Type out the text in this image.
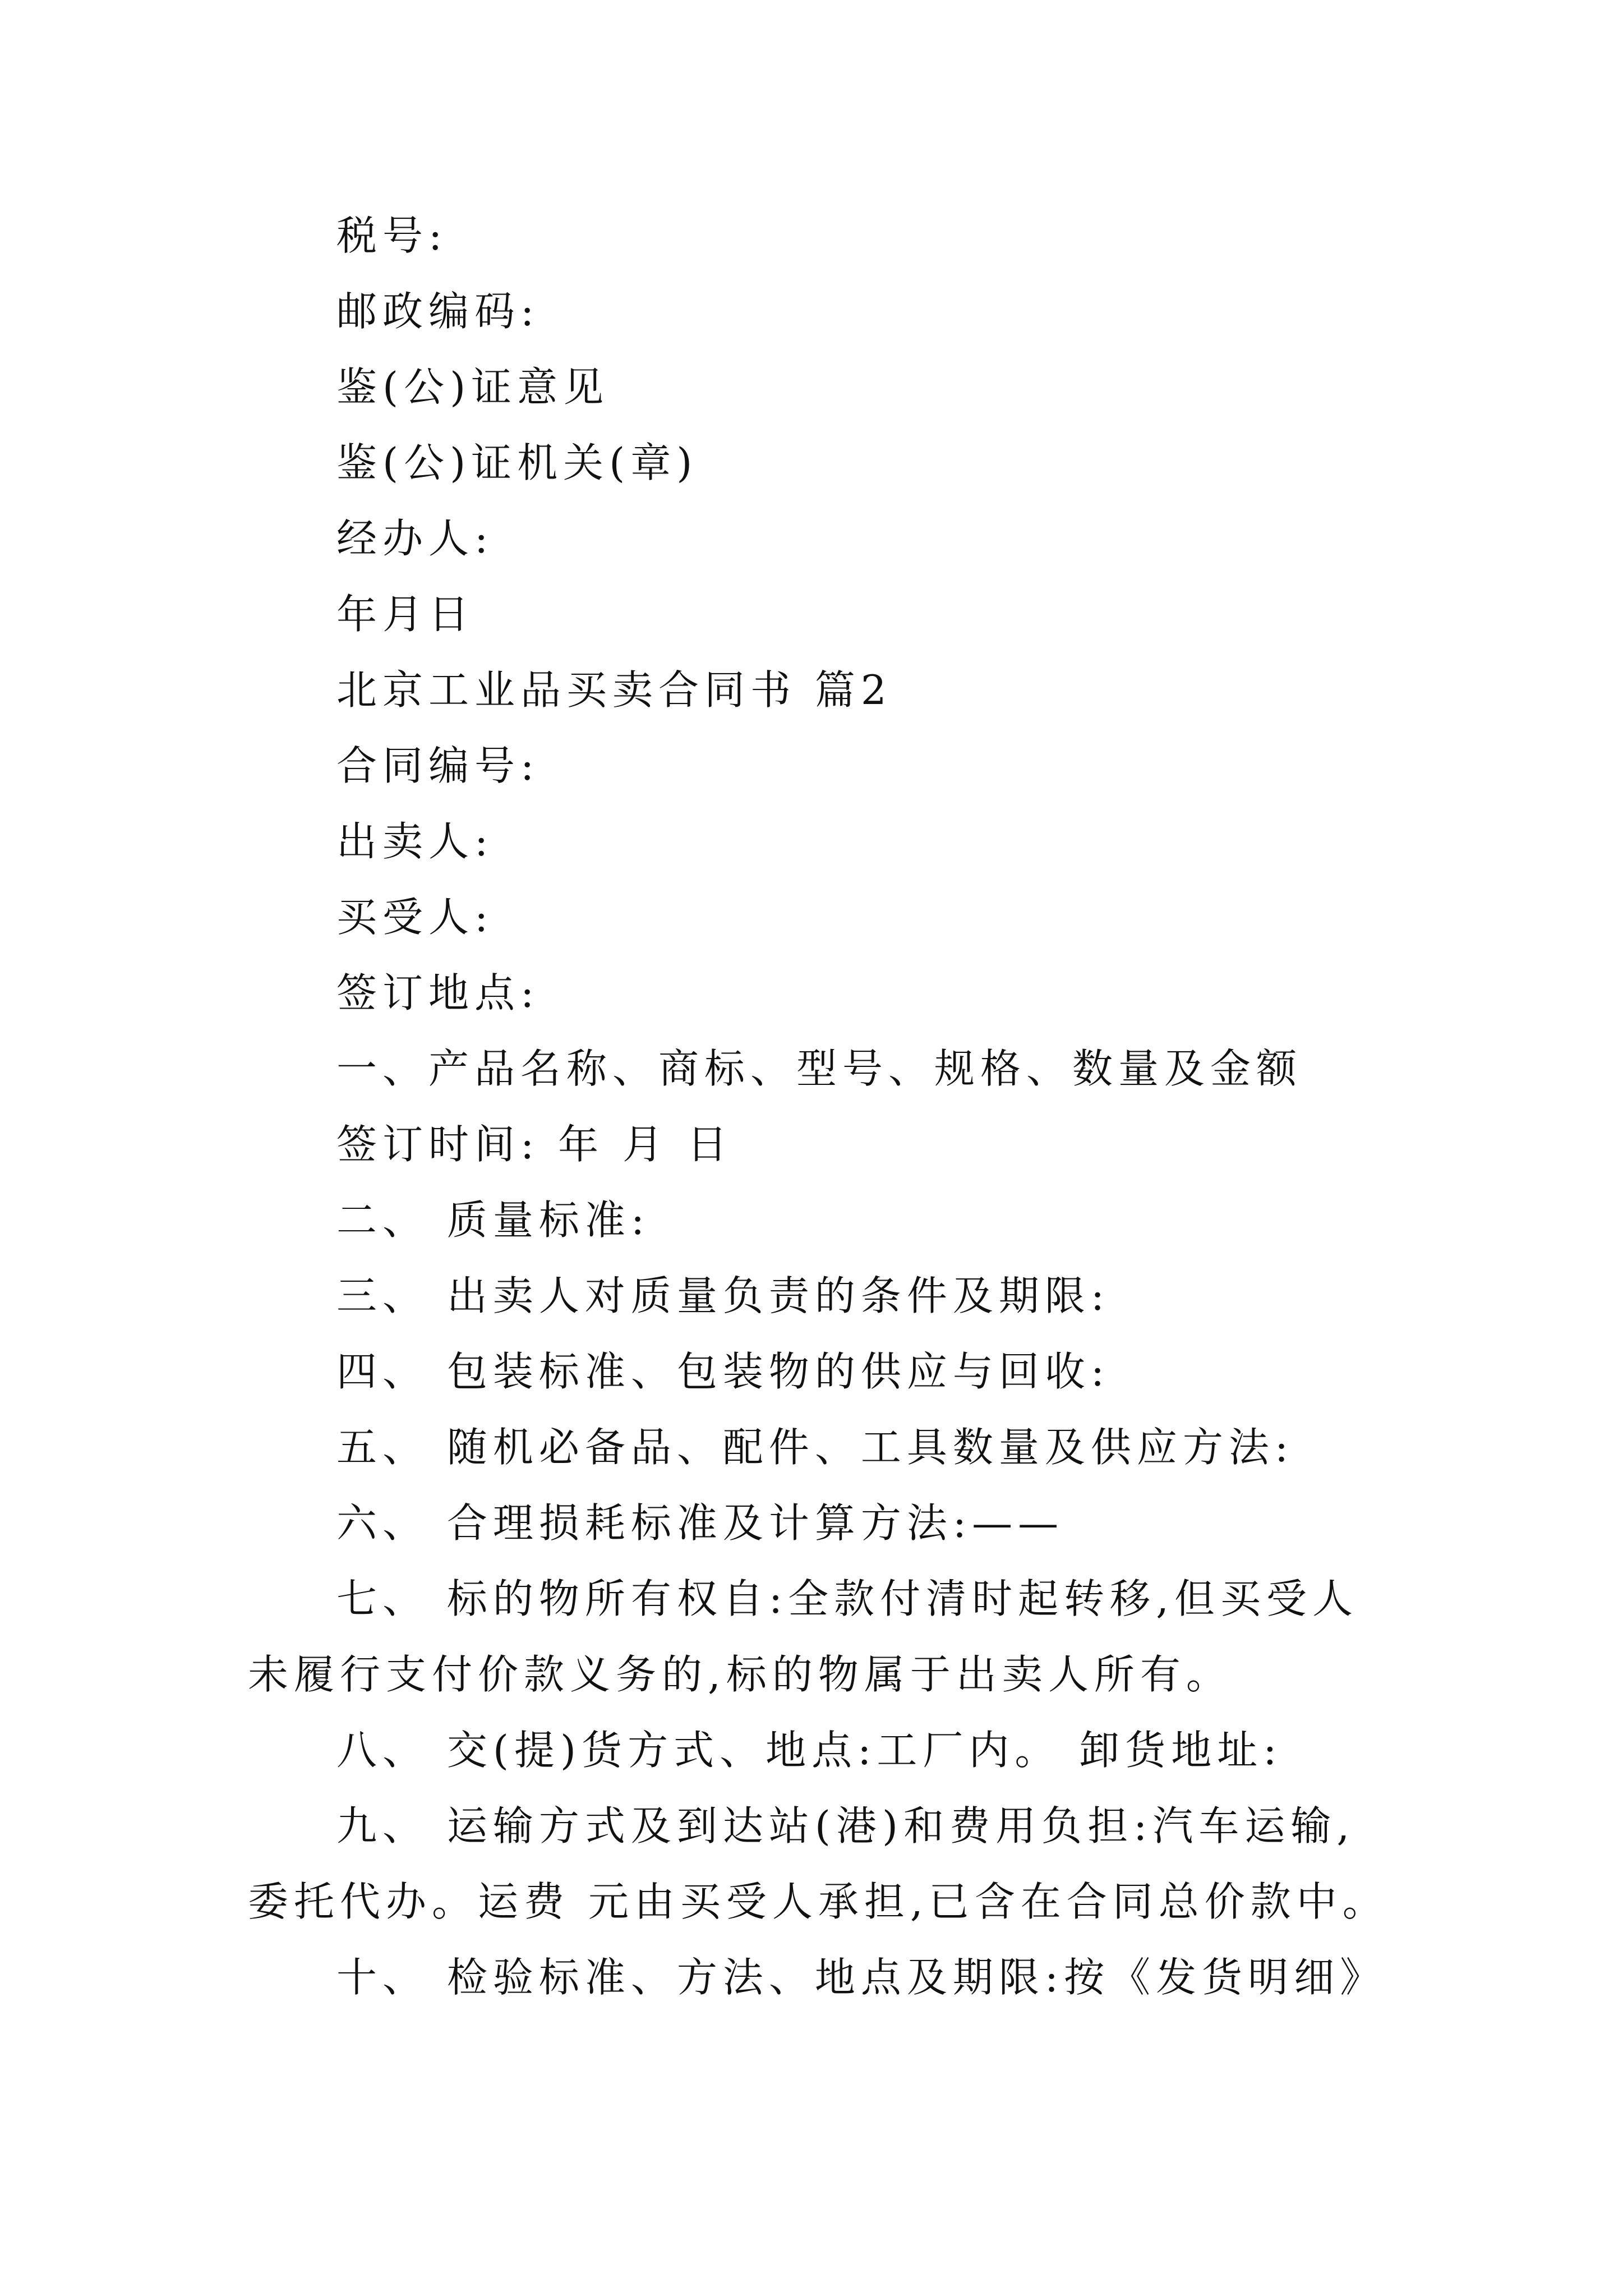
税号:
邮政编码:
鉴(公)证意见
鉴(公)证机关(章)
经办人:
年月日
北京工业品买卖合同书 篇2
合同编号:
出卖人:
买受人:
签订地点:
一、产品名称、商标、型号、规格、数量及金额
签订时间: 年 月 日
二、 质量标准:
三、 出卖人对质量负责的条件及期限:
四、 包装标准、包装物的供应与回收:
五、 随机必备品、配件、工具数量及供应方法:
六、 合理损耗标准及计算方法:——
七、 标的物所有权自:全款付清时起转移,但买受人
未履行支付价款义务的,标的物属于出卖人所有。
八、 交(提)货方式、地点:工厂内。 卸货地址:
九、 运输方式及到达站(港)和费用负担:汽车运输,
委托代办。运费 元由买受人承担,已含在合同总价款中。
十、 检验标准、方法、地点及期限:按《发货明细》
